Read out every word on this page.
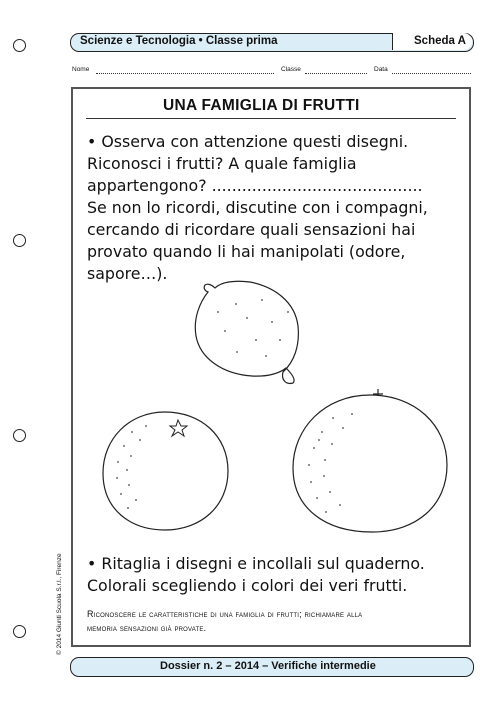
Scienze e Tecnologia • Classe prima	Scheda A
Nome	Classe	Data
UNA FAMIGLIA DI FRUTTI
• Osserva con attenzione questi disegni.
Riconosci i frutti? A quale famiglia
appartengono? ..........................................
Se non lo ricordi, discutine con i compagni,
cercando di ricordare quali sensazioni hai
provato quando li hai manipolati (odore,
sapore…).
• Ritaglia i disegni e incollali sul quaderno.
Colorali scegliendo i colori dei veri frutti.
Riconoscere le caratteristiche di una famiglia di frutti; richiamare alla
memoria sensazioni già provate.
© 2014 Giunti Scuola S.r.l., Firenze
Dossier n. 2 – 2014 – Verifiche intermedie
